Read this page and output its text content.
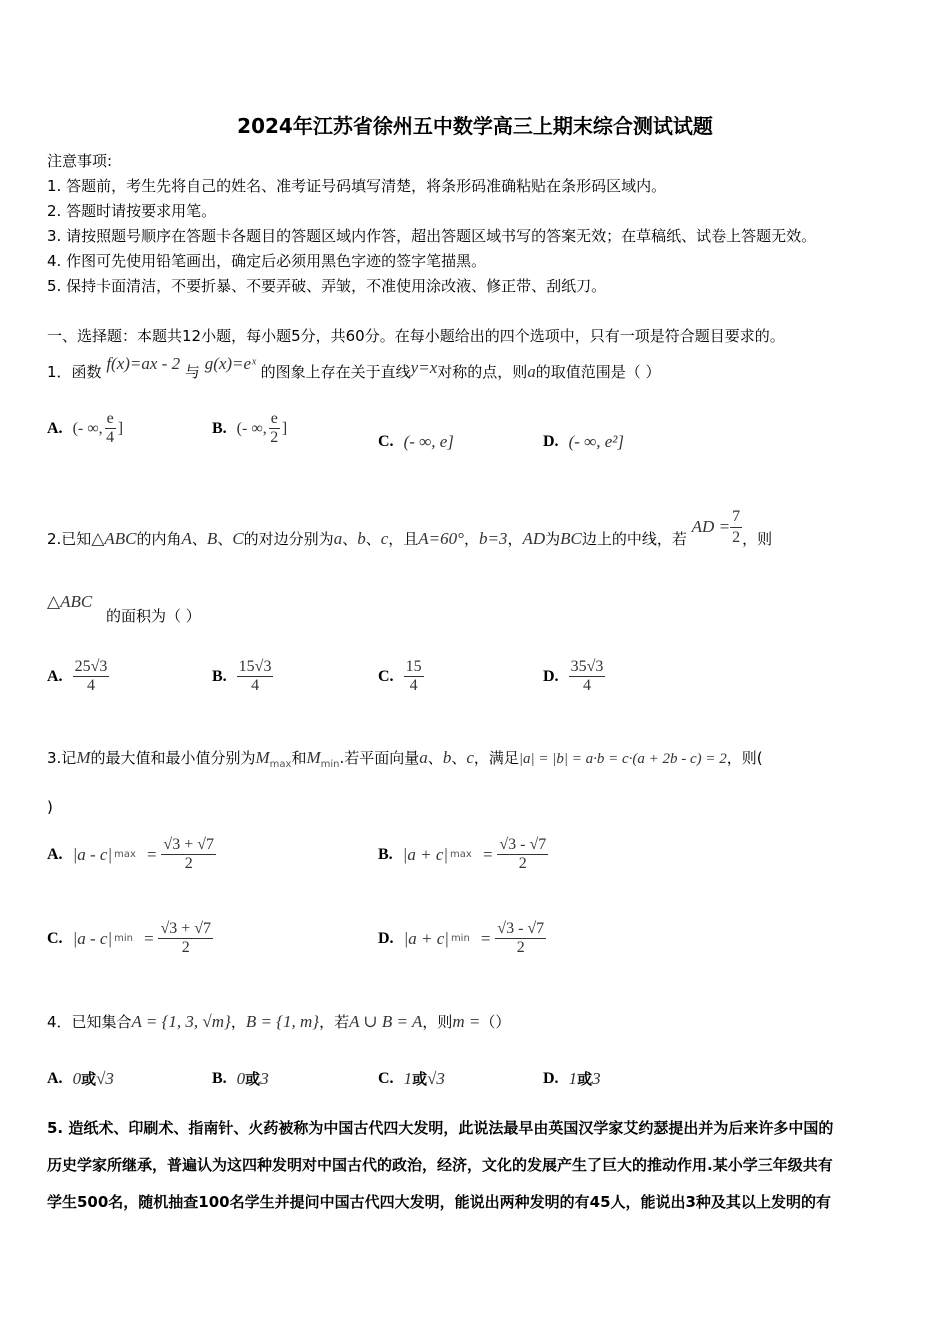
2024年江苏省徐州五中数学高三上期末综合测试试题
注意事项:
1. 答题前，考生先将自己的姓名、准考证号码填写清楚，将条形码准确粘贴在条形码区域内。
2. 答题时请按要求用笔。
3. 请按照题号顺序在答题卡各题目的答题区域内作答，超出答题区域书写的答案无效；在草稿纸、试卷上答题无效。
4. 作图可先使用铅笔画出，确定后必须用黑色字迹的签字笔描黑。
5. 保持卡面清洁，不要折暴、不要弄破、弄皱，不准使用涂改液、修正带、刮纸刀。
一、选择题：本题共12小题，每小题5分，共60分。在每小题给出的四个选项中，只有一项是符合题目要求的。
1．函数 f(x)=ax - 2 与 g(x)=eˣ 的图象上存在关于直线y=x对称的点，则a的取值范围是（ ）
A. (- ∞, $\frac{e}{4}$ ]	B. (- ∞, $\frac{e}{2}$ ]
C. (- ∞, e]	D. (- ∞, e²]
2.已知△ABC的内角A、B、C的对边分别为a、b、c，且A=60°，b=3，AD为BC边上的中线，若 AD = $\frac{7}{2}$ ，则
△ABC
的面积为（ ）
A. $\frac{25√3}{4}$	B. $\frac{15√3}{4}$	C. $\frac{15}{4}$	D. $\frac{35√3}{4}$
3.记M的最大值和最小值分别为$M_{max}$和$M_{min}$.若平面向量a、b、c，满足|a| = |b| = a·b = c·(a + 2b - c) = 2，则(
)
A. |a - c| $\max = \frac{√3 + √7}{2}$	B. |a + c| $\max = \frac{√3 - √7}{2}$
C. |a - c| $\min = \frac{√3 + √7}{2}$	D. |a + c| $\min = \frac{√3 - √7}{2}$
4．已知集合A = {1, 3, √m}，B = {1, m}，若A ∪ B = A，则m =（）
A. 0或√3	B. 0或3	C. 1或√3	D. 1或3
5. 造纸术、印刷术、指南针、火药被称为中国古代四大发明，此说法最早由英国汉学家艾约瑟提出并为后来许多中国的
历史学家所继承，普遍认为这四种发明对中国古代的政治，经济，文化的发展产生了巨大的推动作用.某小学三年级共有
学生500名，随机抽查100名学生并提问中国古代四大发明，能说出两种发明的有45人，能说出3种及其以上发明的有
